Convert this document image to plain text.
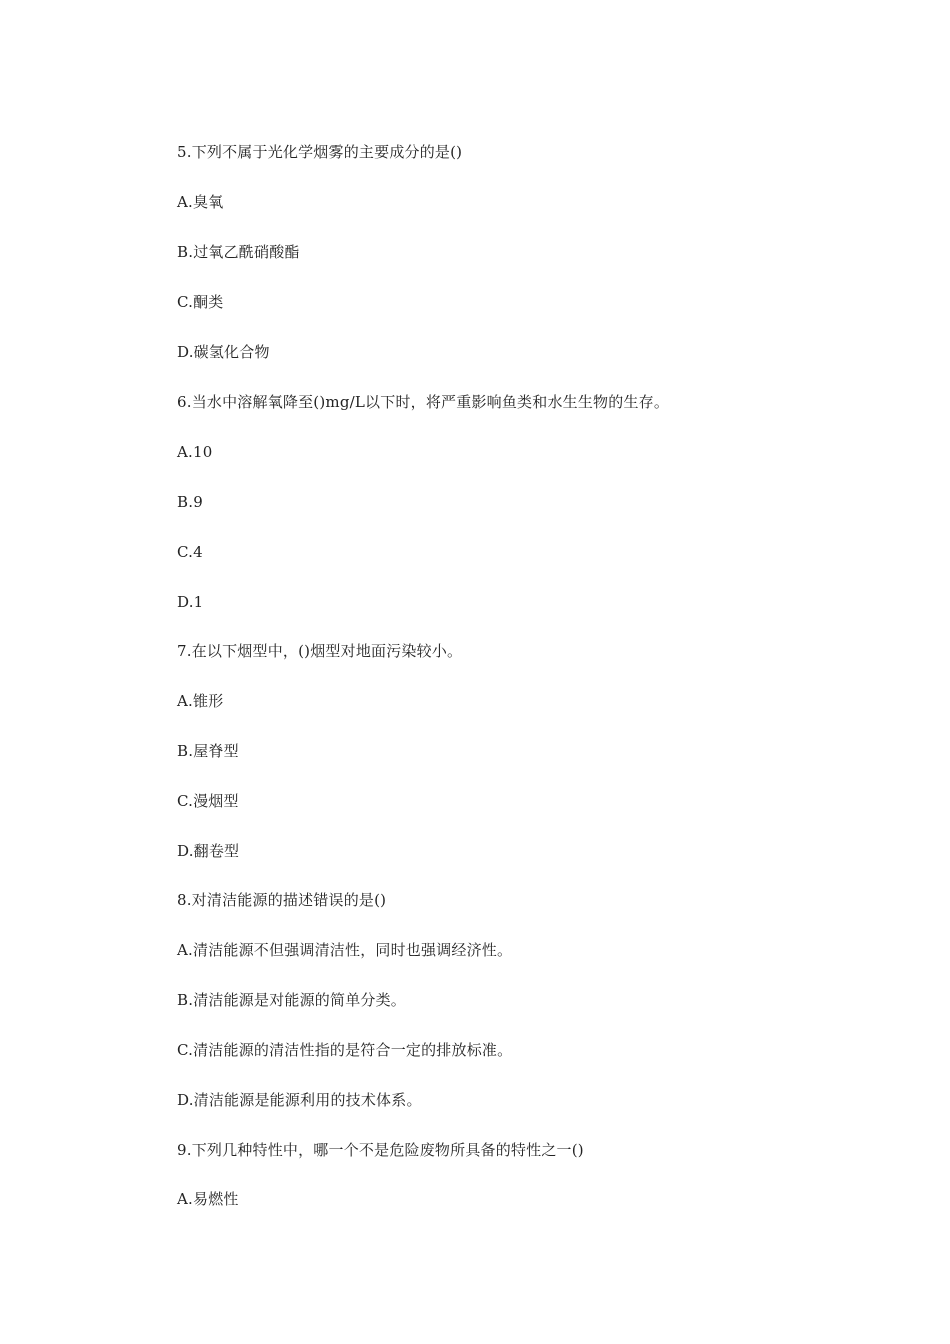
5.下列不属于光化学烟雾的主要成分的是()

A.臭氧

B.过氧乙酰硝酸酯

C.酮类

D.碳氢化合物

6.当水中溶解氧降至()mg/L以下时，将严重影响鱼类和水生生物的生存。

A.10

B.9

C.4

D.1

7.在以下烟型中，()烟型对地面污染较小。

A.锥形

B.屋脊型

C.漫烟型

D.翻卷型

8.对清洁能源的描述错误的是()

A.清洁能源不但强调清洁性，同时也强调经济性。

B.清洁能源是对能源的简单分类。

C.清洁能源的清洁性指的是符合一定的排放标准。

D.清洁能源是能源利用的技术体系。

9.下列几种特性中，哪一个不是危险废物所具备的特性之一()

A.易燃性
